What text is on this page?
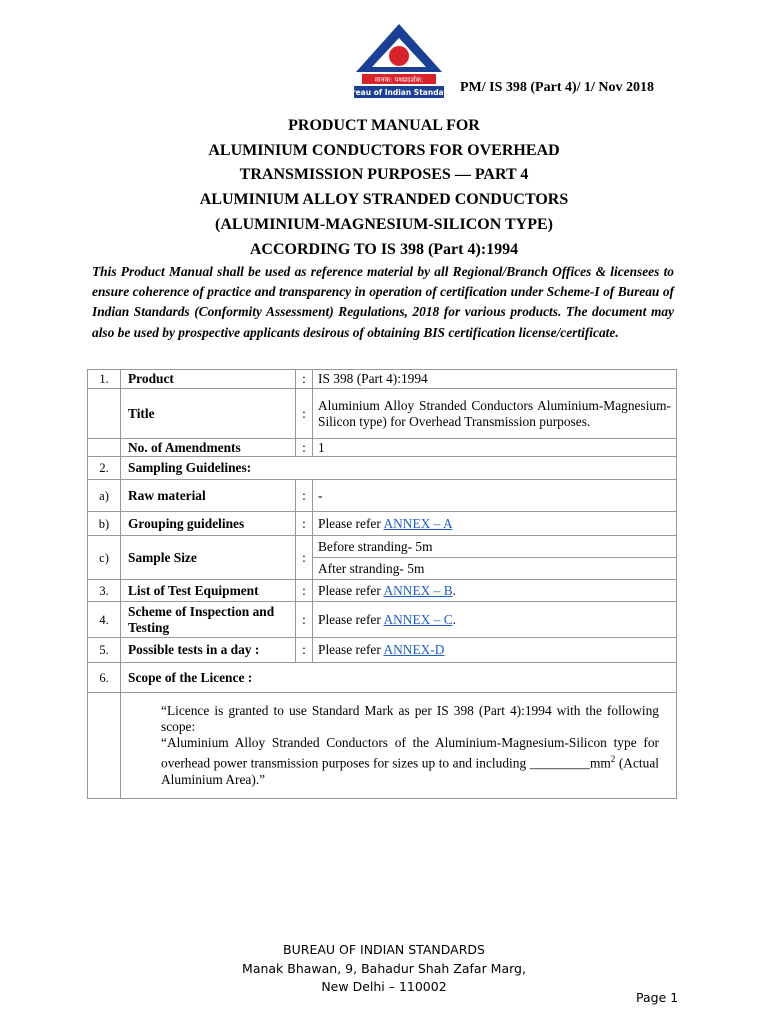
मानक: पथप्रदर्शक:
Bureau of Indian Standards PM/ IS 398 (Part 4)/ 1/ Nov 2018
PRODUCT MANUAL FOR
ALUMINIUM CONDUCTORS FOR OVERHEAD
TRANSMISSION PURPOSES — PART 4
ALUMINIUM ALLOY STRANDED CONDUCTORS
(ALUMINIUM-MAGNESIUM-SILICON TYPE)
ACCORDING TO IS 398 (Part 4):1994
This Product Manual shall be used as reference material by all Regional/Branch Offices & licensees to ensure coherence of practice and transparency in operation of certification under Scheme-I of Bureau of Indian Standards (Conformity Assessment) Regulations, 2018 for various products. The document may also be used by prospective applicants desirous of obtaining BIS certification license/certificate.
1.	Product	:	IS 398 (Part 4):1994
	Title	:	Aluminium Alloy Stranded Conductors Aluminium-Magnesium-Silicon type) for Overhead Transmission purposes.
	No. of Amendments	:	1
2.	Sampling Guidelines:		
a)	Raw material	:	-
b)	Grouping guidelines	:	Please refer ANNEX – A
c)	Sample Size	:	Before stranding- 5m
			After stranding- 5m
3.	List of Test Equipment	:	Please refer ANNEX – B.
4.	Scheme of Inspection and Testing	:	Please refer ANNEX – C.
5.	Possible tests in a day :	:	Please refer ANNEX-D
6.	Scope of the Licence :		

	“Licence is granted to use Standard Mark as per IS 398 (Part 4):1994 with the following scope:
“Aluminium Alloy Stranded Conductors of the Aluminium-Magnesium-Silicon type for overhead power transmission purposes for sizes up to and including $\_\_\_\_\_\_\_\_\_mm^2$ (Actual Aluminium Area).”		
BUREAU OF INDIAN STANDARDS
Manak Bhawan, 9, Bahadur Shah Zafar Marg,
New Delhi – 110002
Page 1
